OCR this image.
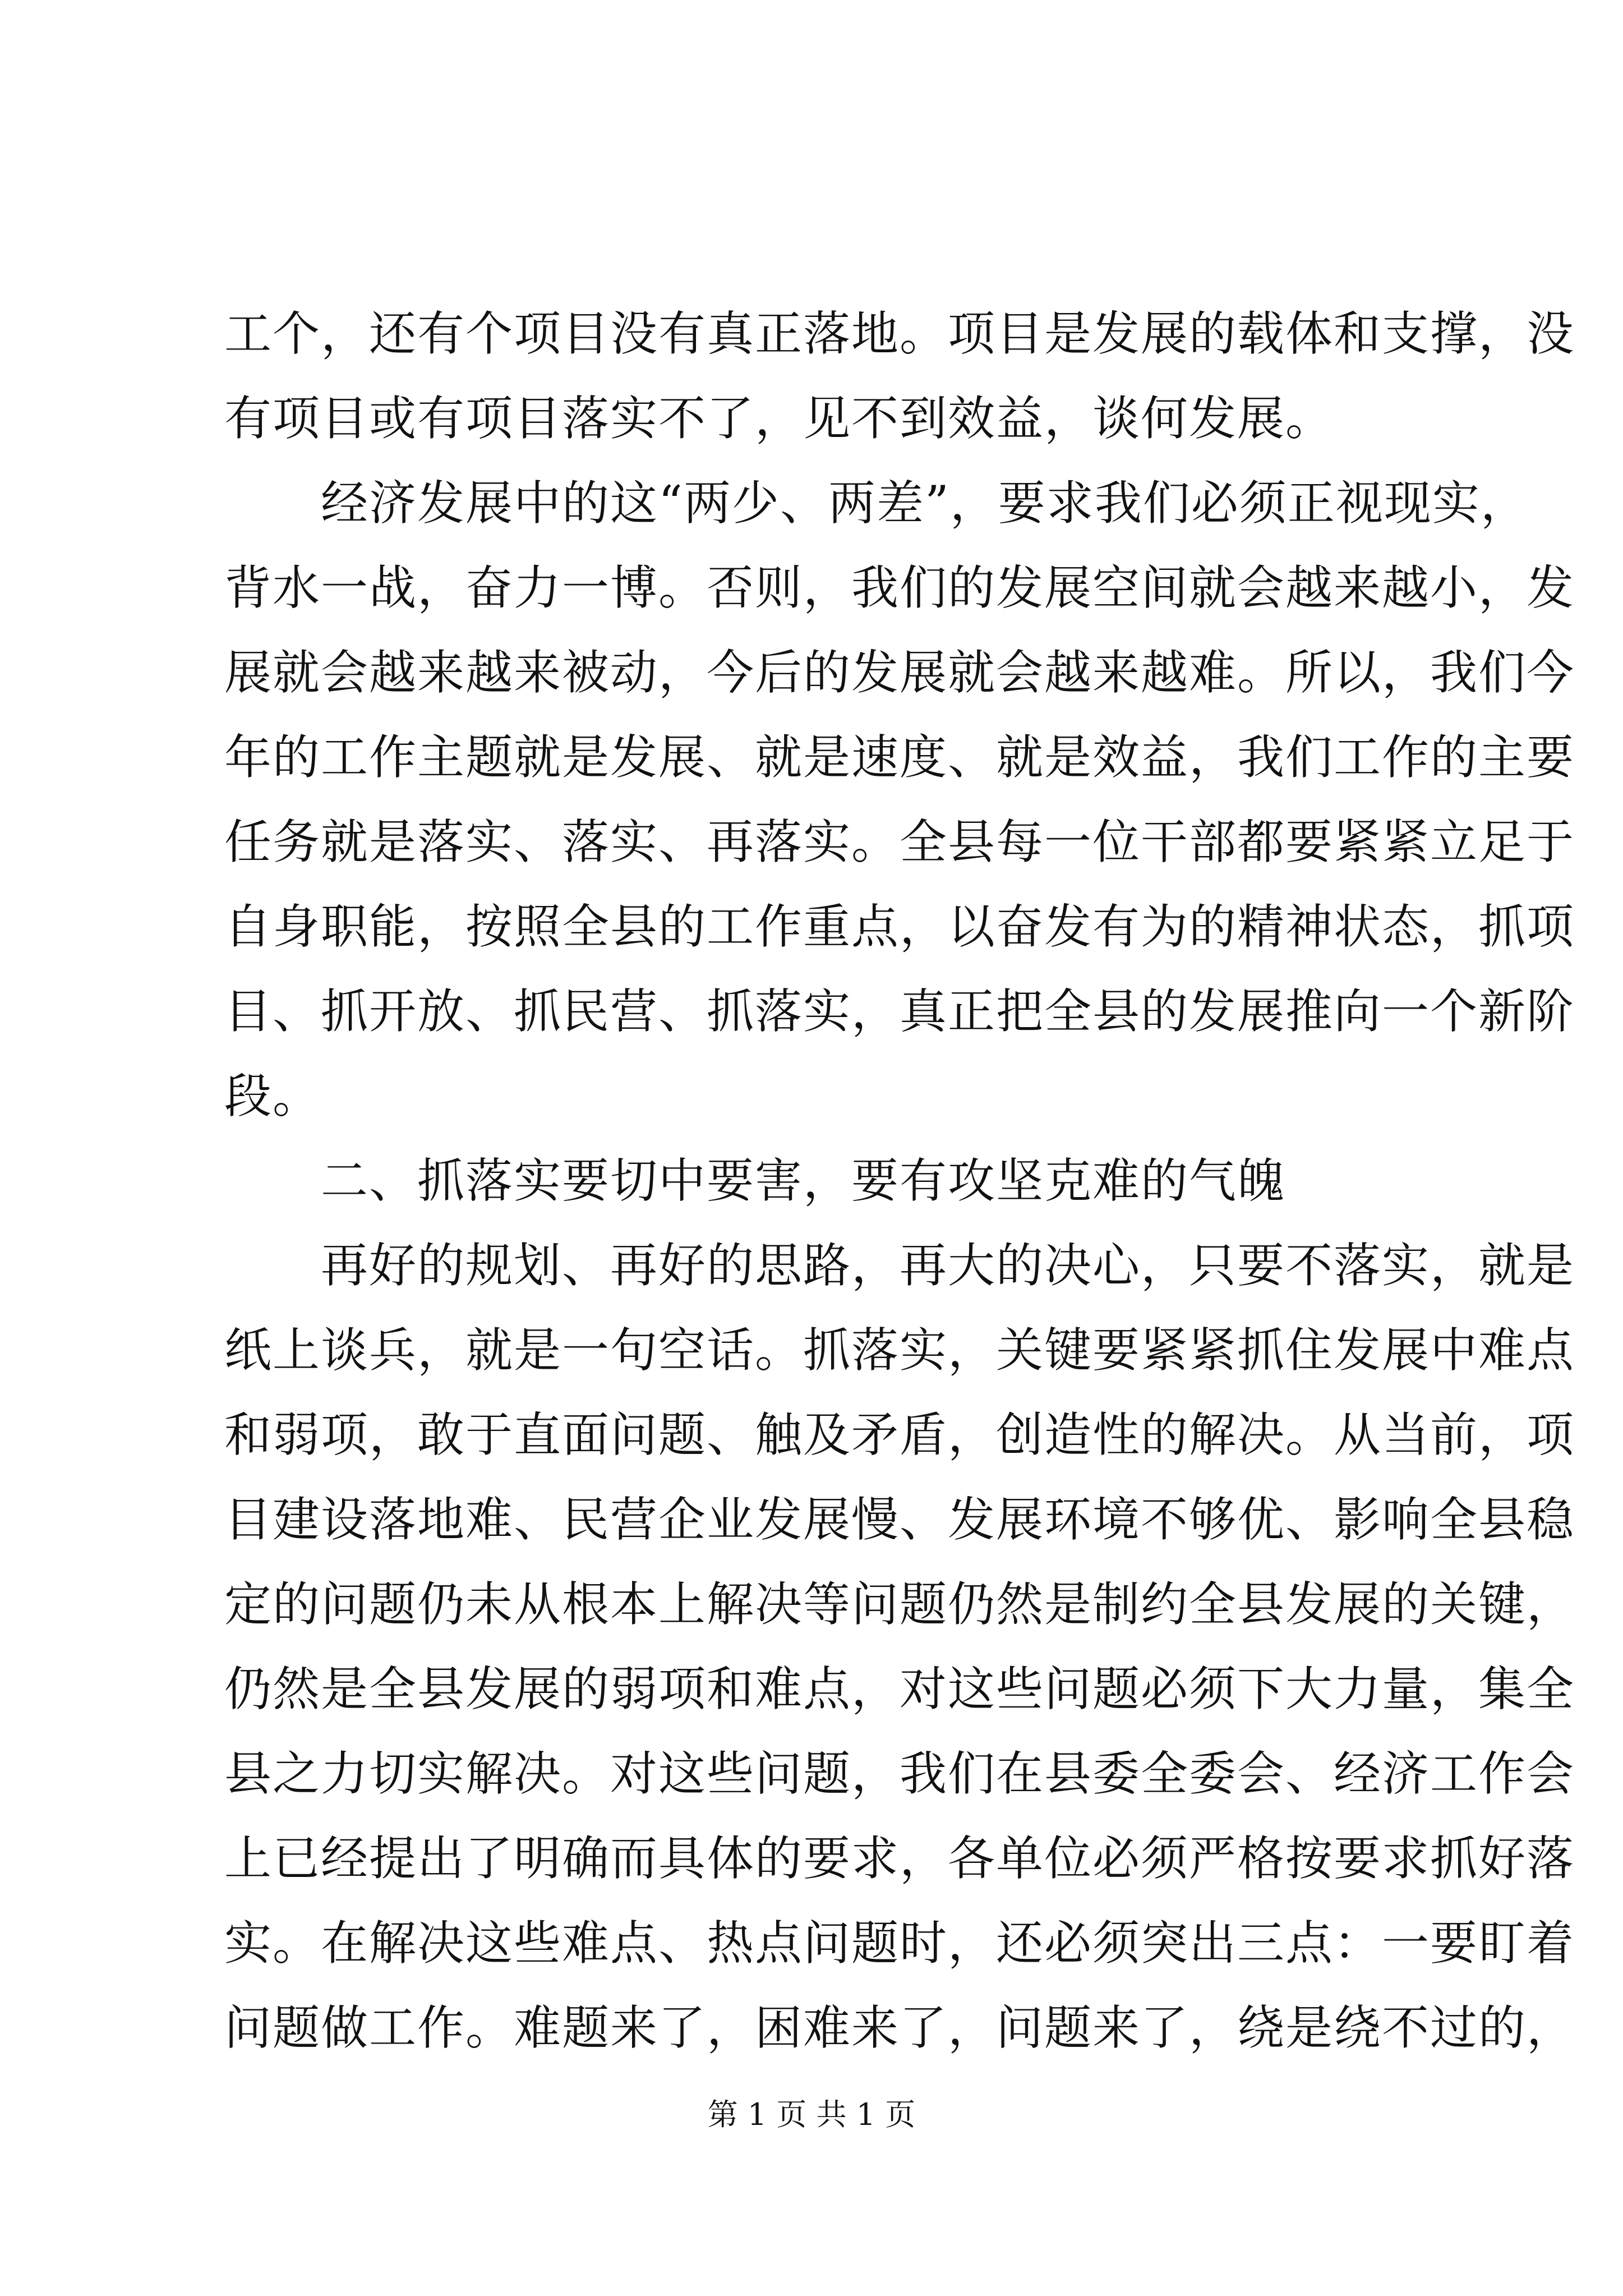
工个，还有个项目没有真正落地。项目是发展的载体和支撑，没
有项目或有项目落实不了，见不到效益，谈何发展。
　　经济发展中的这“两少、两差”，要求我们必须正视现实，
背水一战，奋力一博。否则，我们的发展空间就会越来越小，发
展就会越来越来被动，今后的发展就会越来越难。所以，我们今
年的工作主题就是发展、就是速度、就是效益，我们工作的主要
任务就是落实、落实、再落实。全县每一位干部都要紧紧立足于
自身职能，按照全县的工作重点，以奋发有为的精神状态，抓项
目、抓开放、抓民营、抓落实，真正把全县的发展推向一个新阶
段。
　　二、抓落实要切中要害，要有攻坚克难的气魄
　　再好的规划、再好的思路，再大的决心，只要不落实，就是
纸上谈兵，就是一句空话。抓落实，关键要紧紧抓住发展中难点
和弱项，敢于直面问题、触及矛盾，创造性的解决。从当前，项
目建设落地难、民营企业发展慢、发展环境不够优、影响全县稳
定的问题仍未从根本上解决等问题仍然是制约全县发展的关键，
仍然是全县发展的弱项和难点，对这些问题必须下大力量，集全
县之力切实解决。对这些问题，我们在县委全委会、经济工作会
上已经提出了明确而具体的要求，各单位必须严格按要求抓好落
实。在解决这些难点、热点问题时，还必须突出三点：一要盯着
问题做工作。难题来了，困难来了，问题来了，绕是绕不过的，
第 1 页 共 1 页
